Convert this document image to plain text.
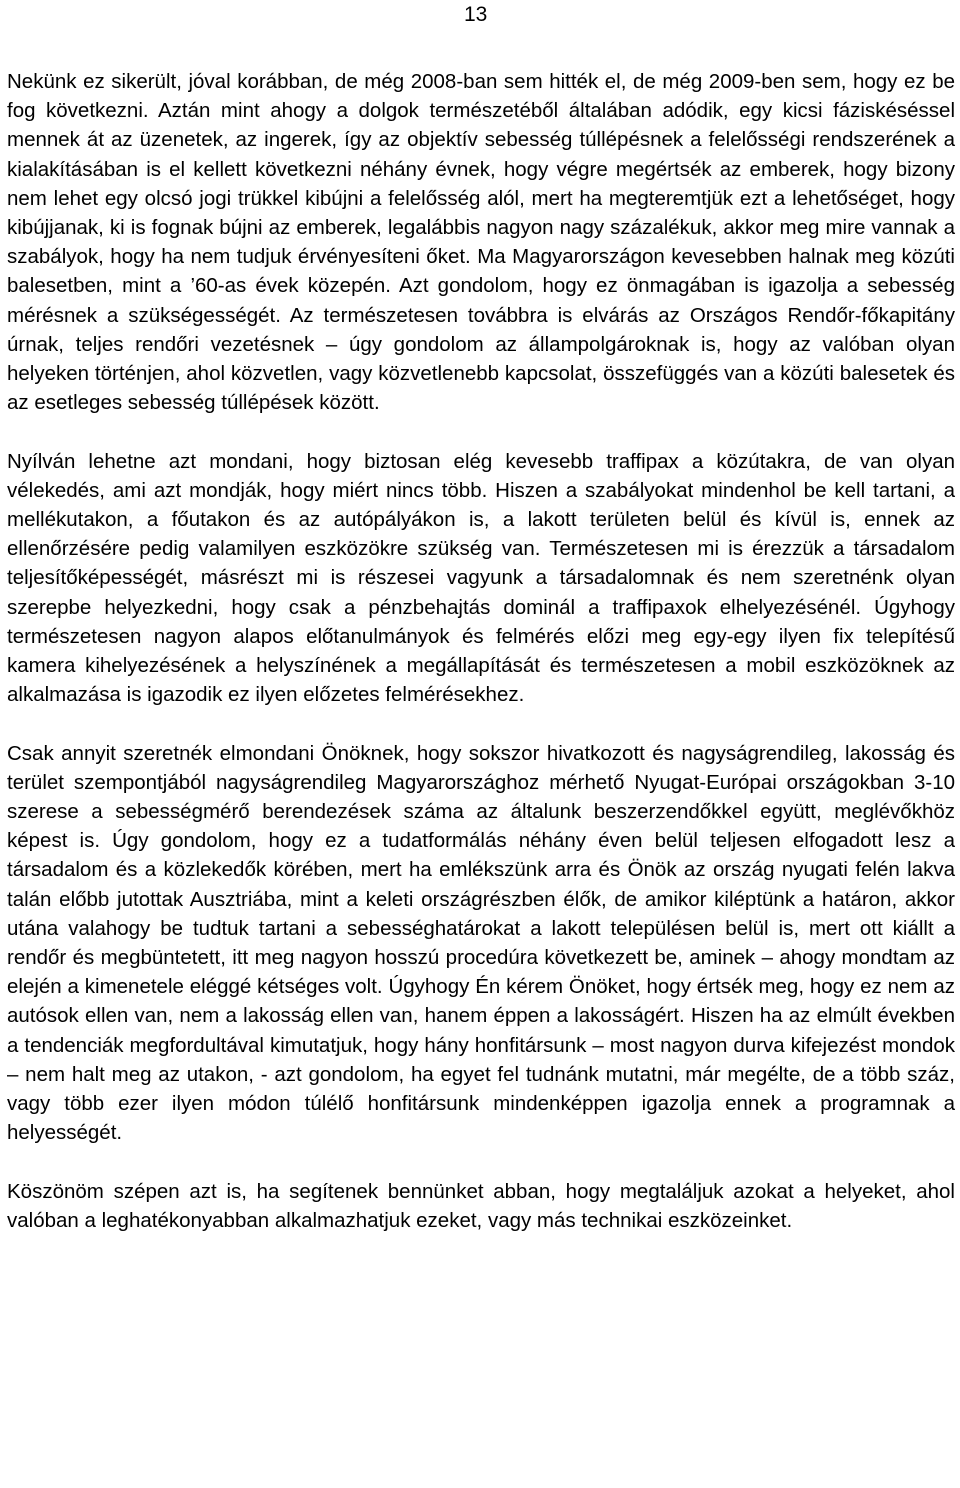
13

Nekünk ez sikerült, jóval korábban, de még 2008-ban sem hitték el, de még 2009-ben sem, hogy ez be fog következni. Aztán mint ahogy a dolgok természetéből általában adódik, egy kicsi fáziskéséssel mennek át az üzenetek, az ingerek, így az objektív sebesség túllépésnek a felelősségi rendszerének a kialakításában is el kellett következni néhány évnek, hogy végre megértsék az emberek, hogy bizony nem lehet egy olcsó jogi trükkel kibújni a felelősség alól, mert ha megteremtjük ezt a lehetőséget, hogy kibújjanak, ki is fognak bújni az emberek, legalábbis nagyon nagy százalékuk, akkor meg mire vannak a szabályok, hogy ha nem tudjuk érvényesíteni őket. Ma Magyarországon kevesebben halnak meg közúti balesetben, mint a ’60-as évek közepén. Azt gondolom, hogy ez önmagában is igazolja a sebesség mérésnek a szükségességét. Az természetesen továbbra is elvárás az Országos Rendőr-főkapitány úrnak, teljes rendőri vezetésnek – úgy gondolom az állampolgároknak is, hogy az valóban olyan helyeken történjen, ahol közvetlen, vagy közvetlenebb kapcsolat, összefüggés van a közúti balesetek és az esetleges sebesség túllépések között.

Nyílván lehetne azt mondani, hogy biztosan elég kevesebb traffipax a közútakra, de van olyan vélekedés, ami azt mondják, hogy miért nincs több. Hiszen a szabályokat mindenhol be kell tartani, a mellékutakon, a főutakon és az autópályákon is, a lakott területen belül és kívül is, ennek az ellenőrzésére pedig valamilyen eszközökre szükség van. Természetesen mi is érezzük a társadalom teljesítőképességét, másrészt mi is részesei vagyunk a társadalomnak és nem szeretnénk olyan szerepbe helyezkedni, hogy csak a pénzbehajtás dominál a traffipaxok elhelyezésénél. Úgyhogy természetesen nagyon alapos előtanulmányok és felmérés előzi meg egy-egy ilyen fix telepítésű kamera kihelyezésének a helyszínének a megállapítását és természetesen a mobil eszközöknek az alkalmazása is igazodik ez ilyen előzetes felmérésekhez.

Csak annyit szeretnék elmondani Önöknek, hogy sokszor hivatkozott és nagyságrendileg, lakosság és terület szempontjából nagyságrendileg Magyarországhoz mérhető Nyugat-Európai országokban 3-10 szerese a sebességmérő berendezések száma az általunk beszerzendőkkel együtt, meglévőkhöz képest is. Úgy gondolom, hogy ez a tudatformálás néhány éven belül teljesen elfogadott lesz a társadalom és a közlekedők körében, mert ha emlékszünk arra és Önök az ország nyugati felén lakva talán előbb jutottak Ausztriába, mint a keleti országrészben élők, de amikor kiléptünk a határon, akkor utána valahogy be tudtuk tartani a sebességhatárokat a lakott településen belül is, mert ott kiállt a rendőr és megbüntetett, itt meg nagyon hosszú procedúra következett be, aminek – ahogy mondtam az elején a kimenetele eléggé kétséges volt. Úgyhogy Én kérem Önöket, hogy értsék meg, hogy ez nem az autósok ellen van, nem a lakosság ellen van, hanem éppen a lakosságért. Hiszen ha az elmúlt években a tendenciák megfordultával kimutatjuk, hogy hány honfitársunk – most nagyon durva kifejezést mondok – nem halt meg az utakon, - azt gondolom, ha egyet fel tudnánk mutatni, már megélte, de a több száz, vagy több ezer ilyen módon túlélő honfitársunk mindenképpen igazolja ennek a programnak a helyességét.

Köszönöm szépen azt is, ha segítenek bennünket abban, hogy megtaláljuk azokat a helyeket, ahol valóban a leghatékonyabban alkalmazhatjuk ezeket, vagy más technikai eszközeinket.
